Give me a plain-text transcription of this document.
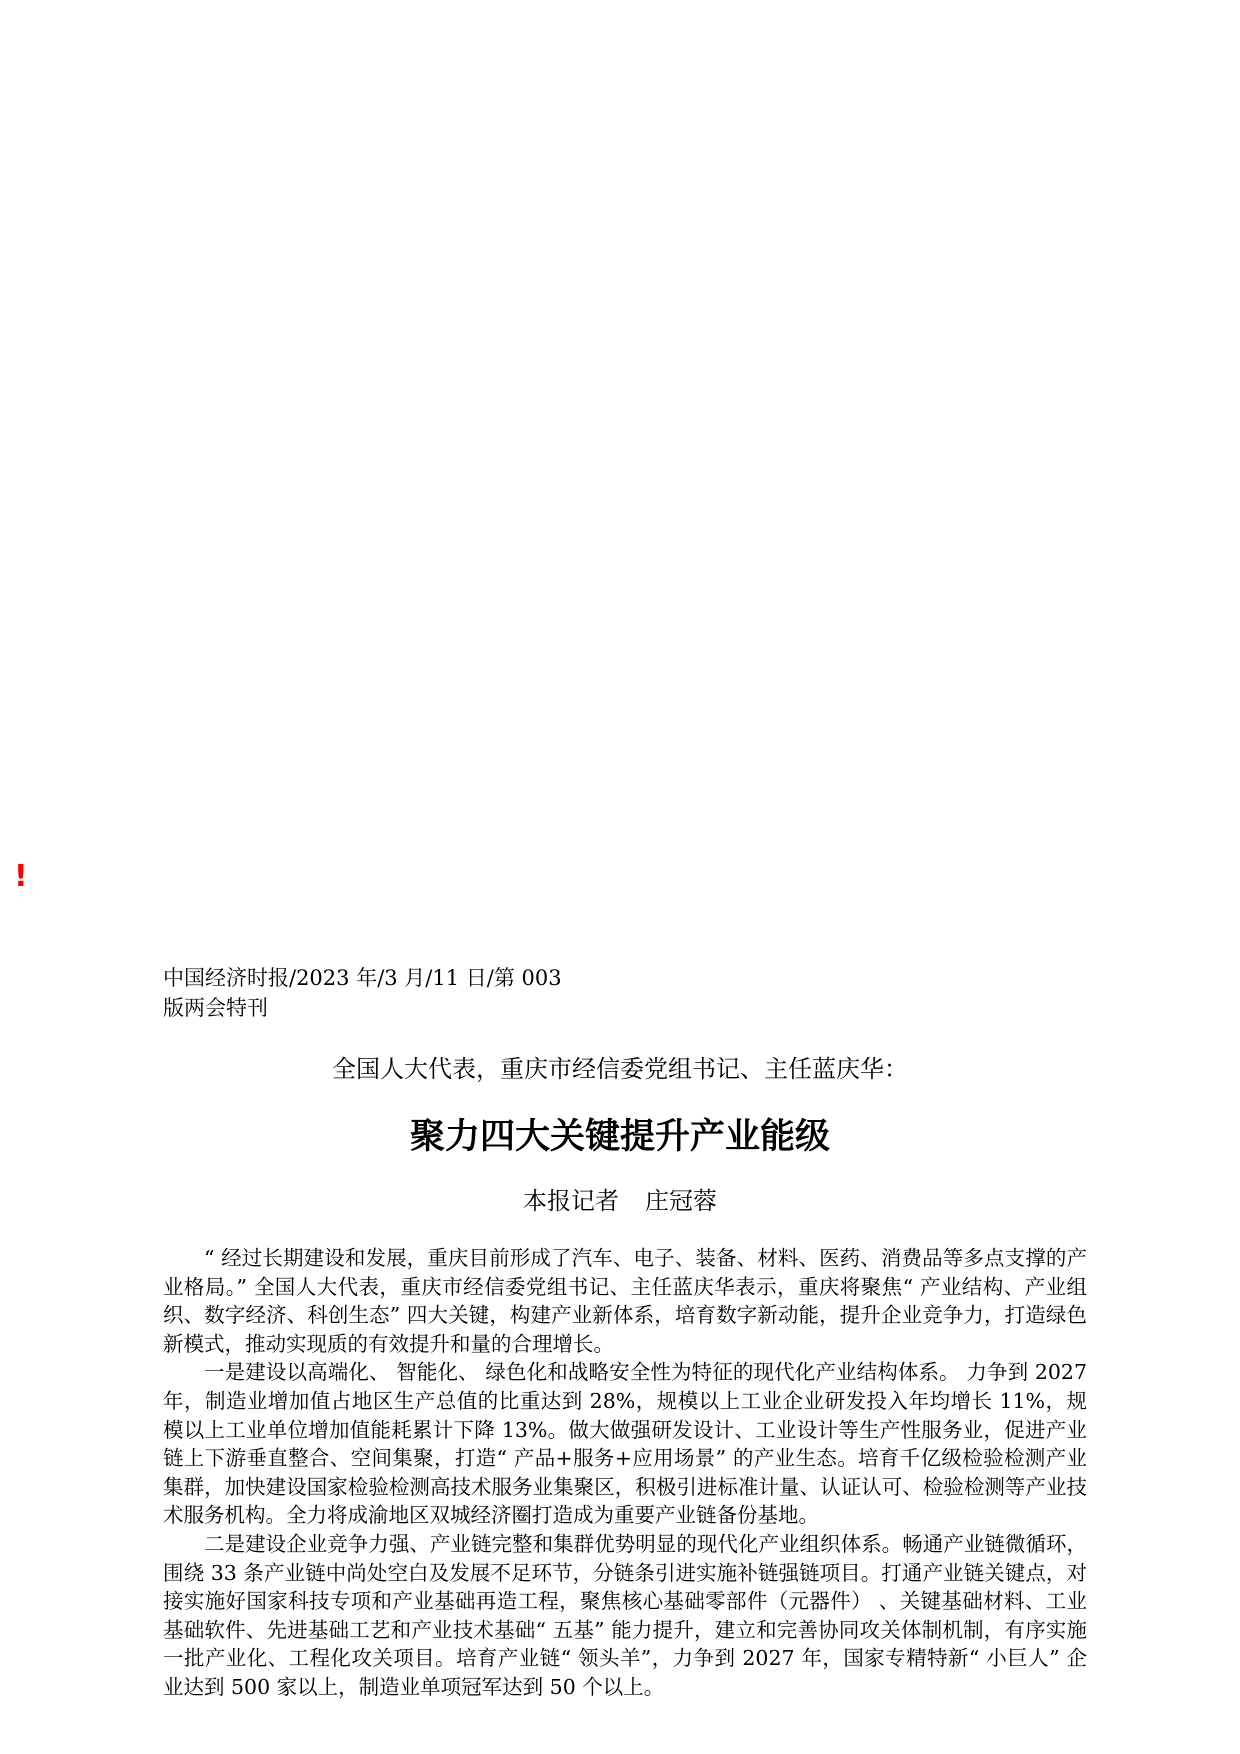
!
中国经济时报/2023 年/3 月/11 日/第 003
版两会特刊
全国人大代表，重庆市经信委党组书记、主任蓝庆华：
聚力四大关键提升产业能级
本报记者 庄冠蓉

“ 经过长期建设和发展，重庆目前形成了汽车、电子、装备、材料、医药、消费品等多点支撑的产业格局。” 全国人大代表，重庆市经信委党组书记、主任蓝庆华表示，重庆将聚焦“ 产业结构、产业组织、数字经济、科创生态” 四大关键，构建产业新体系，培育数字新动能，提升企业竞争力，打造绿色新模式，推动实现质的有效提升和量的合理增长。

一是建设以高端化、 智能化、 绿色化和战略安全性为特征的现代化产业结构体系。 力争到 2027 年，制造业增加值占地区生产总值的比重达到 28%，规模以上工业企业研发投入年均增长 11%，规模以上工业单位增加值能耗累计下降 13%。做大做强研发设计、工业设计等生产性服务业，促进产业链上下游垂直整合、空间集聚，打造“ 产品+服务+应用场景” 的产业生态。培育千亿级检验检测产业集群，加快建设国家检验检测高技术服务业集聚区，积极引进标准计量、认证认可、检验检测等产业技术服务机构。全力将成渝地区双城经济圈打造成为重要产业链备份基地。

二是建设企业竞争力强、产业链完整和集群优势明显的现代化产业组织体系。畅通产业链微循环，围绕 33 条产业链中尚处空白及发展不足环节，分链条引进实施补链强链项目。打通产业链关键点，对接实施好国家科技专项和产业基础再造工程，聚焦核心基础零部件（元器件） 、关键基础材料、工业基础软件、先进基础工艺和产业技术基础“ 五基” 能力提升，建立和完善协同攻关体制机制，有序实施一批产业化、工程化攻关项目。培育产业链“ 领头羊”，力争到 2027 年，国家专精特新“ 小巨人” 企业达到 500 家以上，制造业单项冠军达到 50 个以上。
